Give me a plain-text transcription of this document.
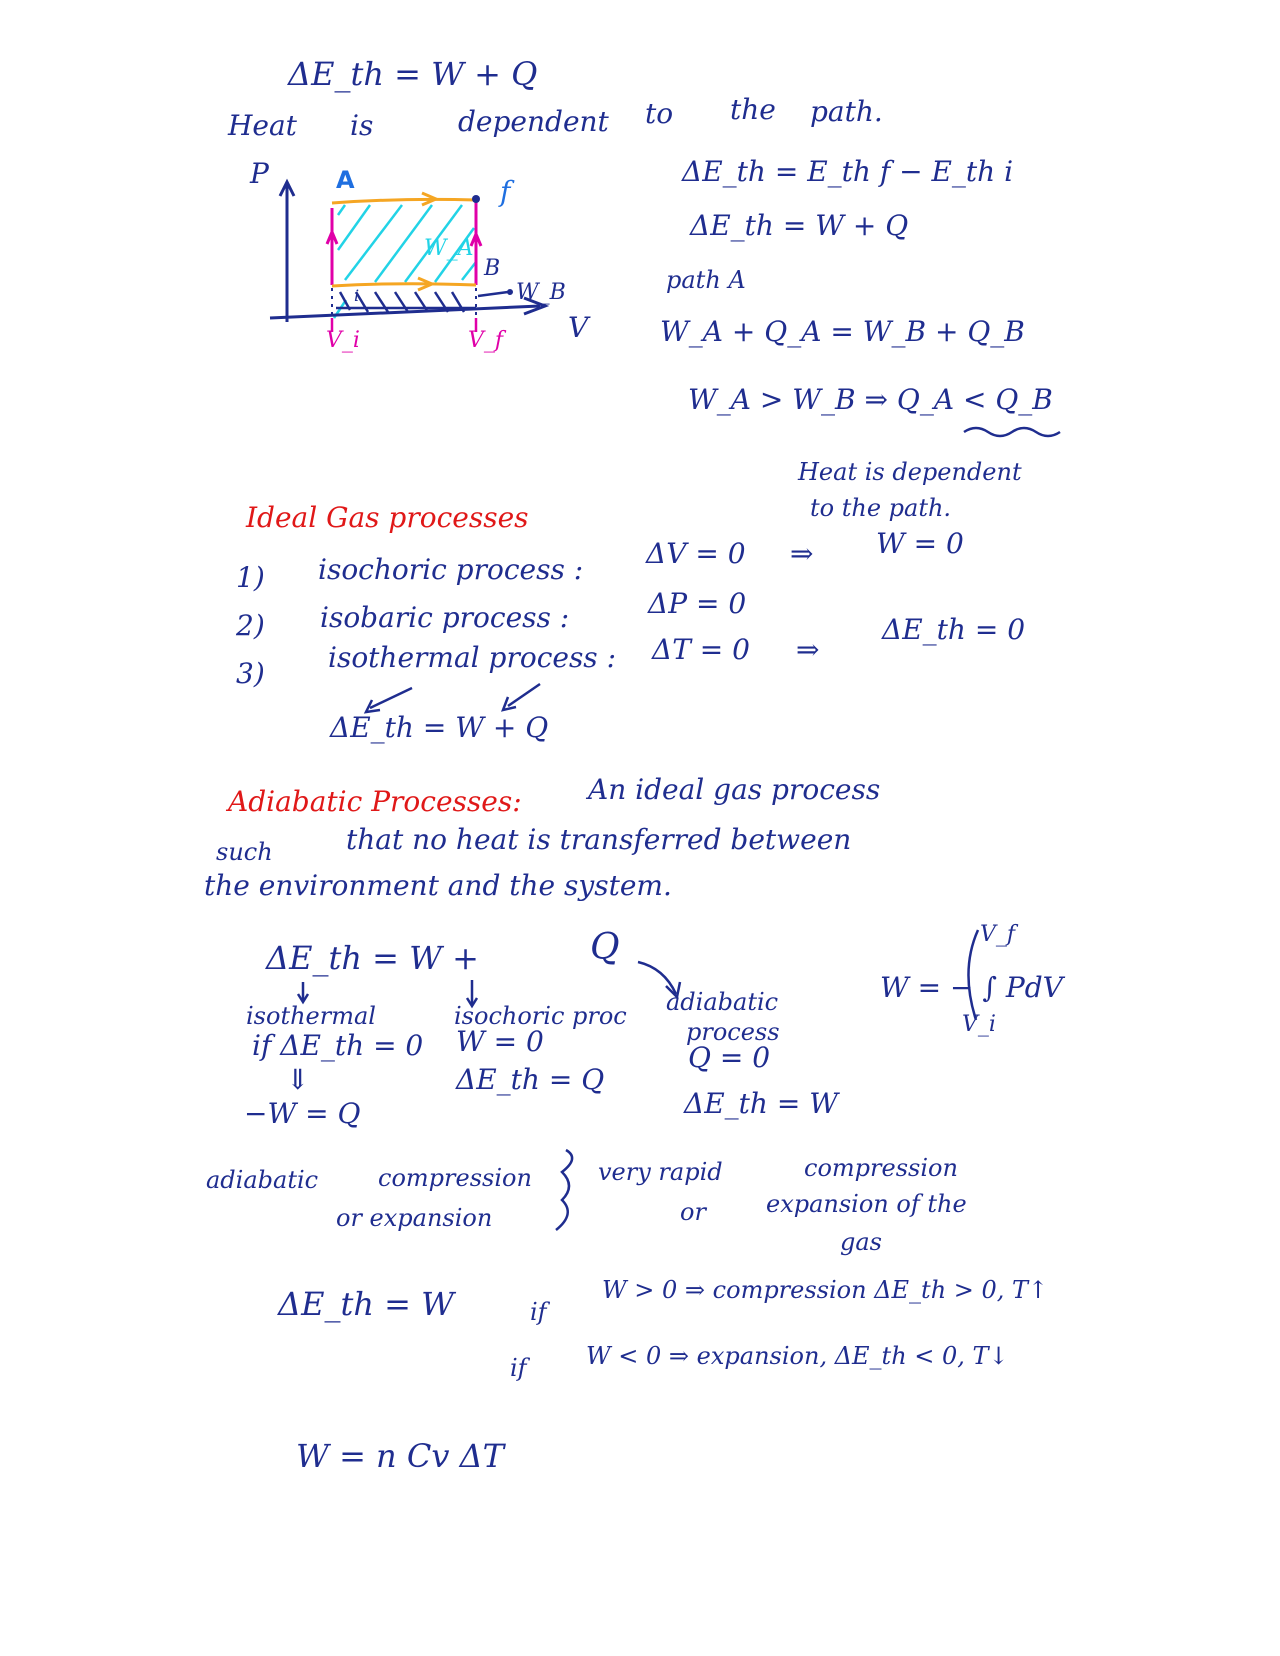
ΔE_th = W + Q
Heat is	dependent to the path.
P
V
A	f
B
W_A
W_B
V_i	V_f
i
ΔE_th = E_th f − E_th i
ΔE_th = W + Q
path A
W_A + Q_A = W_B + Q_B
W_A > W_B ⇒ Q_A < Q_B
Heat is dependent
to the path.
Ideal Gas processes
1) isochoric process : ΔV = 0 ⇒ W = 0
2) isobaric process :	ΔP = 0
3) isothermal process : ΔT = 0 ⇒
ΔE_th = 0
ΔE_th = W + Q
Adiabatic Processes: An ideal gas process
such	that no heat is transferred between
the environment and the system.
ΔE_th = W +	Q
W = − ∫ PdV
V_f
V_i
isothermal
if ΔE_th = 0
⇓
−W = Q
isochoric proc
W = 0
ΔE_th = Q
adiabatic
process
Q = 0
ΔE_th = W
adiabatic compression
or expansion
very rapid	compression
or	expansion of the
gas
ΔE_th = W	if
W > 0 ⇒ compression ΔE_th > 0, T↑
if W < 0 ⇒ expansion, ΔE_th < 0, T↓
W = n Cv ΔT
